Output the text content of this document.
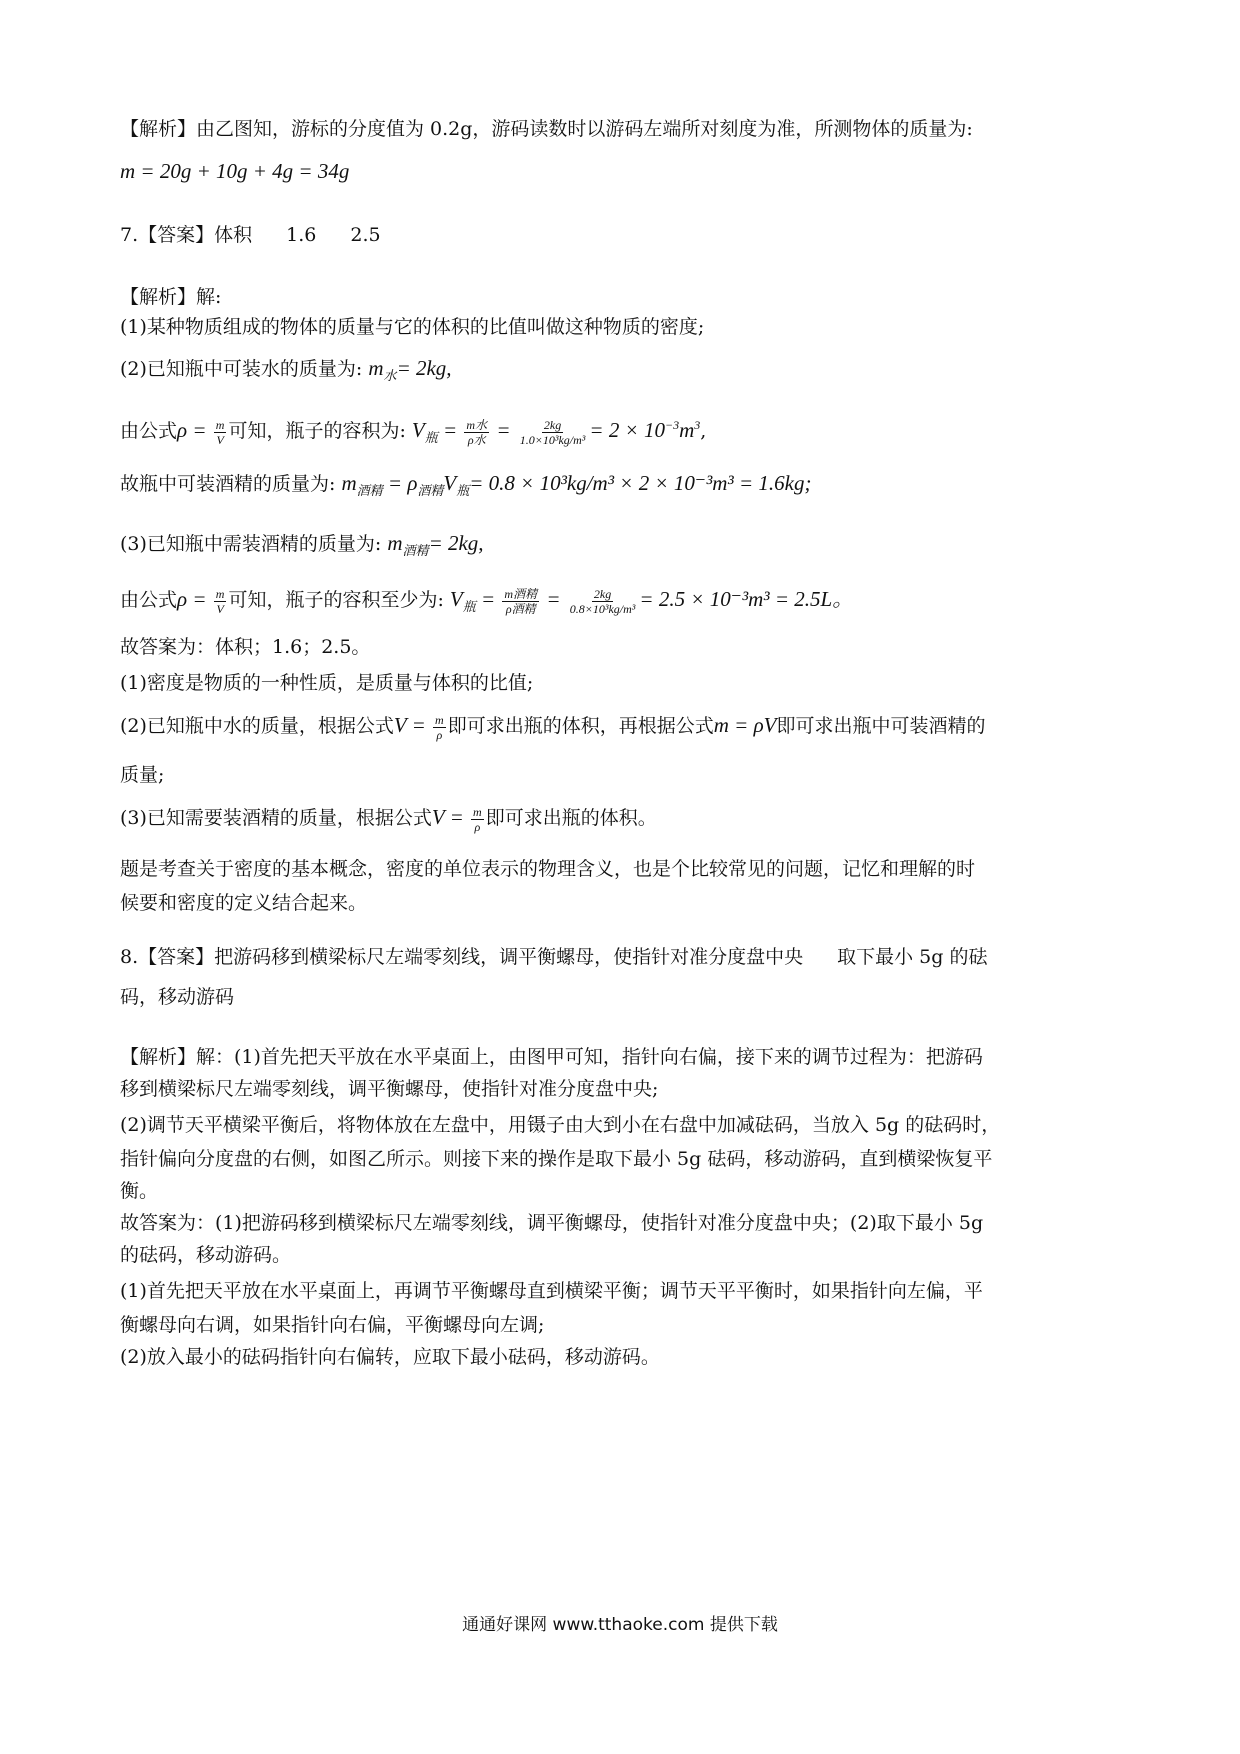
【解析】由乙图知，游标的分度值为 0.2g，游码读数时以游码左端所对刻度为准，所测物体的质量为:
m = 20g + 10g + 4g = 34g
7.【答案】体积 1.6 2.5
【解析】解:
(1)某种物质组成的物体的质量与它的体积的比值叫做这种物质的密度;
(2)已知瓶中可装水的质量为: $m_水= 2kg$,
由公式$\rho = \frac{m}{V}$ 可知，瓶子的容积为: $V_瓶 = \frac{\text{m水}}{\text{ρ水}} = \frac{2kg}{\text{1.0×10³kg/m³}} = 2 \times 10^{-3}m^3$,
故瓶中可装酒精的质量为: $m_{酒精} = \rho_{酒精}V_瓶= 0.8 \times 10^3kg/m^3 \times 2 \times 10^{-3}m^3 = 1.6kg$;
(3)已知瓶中需装酒精的质量为: $m_{酒精}= 2kg$,
由公式$\rho = \frac{m}{V}$ 可知，瓶子的容积至少为: $V_瓶 = \frac{\text{m酒精}}{\text{ρ酒精}} = \frac{2kg}{\text{0.8×10³kg/m³}} = 2.5 \times 10^{-3}m^3 = 2.5L$。
故答案为：体积；1.6；2.5。
(1)密度是物质的一种性质，是质量与体积的比值;
(2)已知瓶中水的质量，根据公式$V = \frac{m}{\rho}$ 即可求出瓶的体积，再根据公式m = ρV即可求出瓶中可装酒精的
质量;
(3)已知需要装酒精的质量，根据公式$V = \frac{m}{\rho}$ 即可求出瓶的体积。
题是考查关于密度的基本概念，密度的单位表示的物理含义，也是个比较常见的问题，记忆和理解的时
候要和密度的定义结合起来。
8.【答案】把游码移到横梁标尺左端零刻线，调平衡螺母，使指针对准分度盘中央 取下最小 5g 的砝
码，移动游码
【解析】解：(1)首先把天平放在水平桌面上，由图甲可知，指针向右偏，接下来的调节过程为：把游码
移到横梁标尺左端零刻线，调平衡螺母，使指针对准分度盘中央;
(2)调节天平横梁平衡后，将物体放在左盘中，用镊子由大到小在右盘中加减砝码，当放入 5g 的砝码时，
指针偏向分度盘的右侧，如图乙所示。则接下来的操作是取下最小 5g 砝码，移动游码，直到横梁恢复平
衡。
故答案为：(1)把游码移到横梁标尺左端零刻线，调平衡螺母，使指针对准分度盘中央；(2)取下最小 5g
的砝码，移动游码。
(1)首先把天平放在水平桌面上，再调节平衡螺母直到横梁平衡；调节天平平衡时，如果指针向左偏，平
衡螺母向右调，如果指针向右偏，平衡螺母向左调;
(2)放入最小的砝码指针向右偏转，应取下最小砝码，移动游码。
通通好课网 www.tthaoke.com 提供下载
